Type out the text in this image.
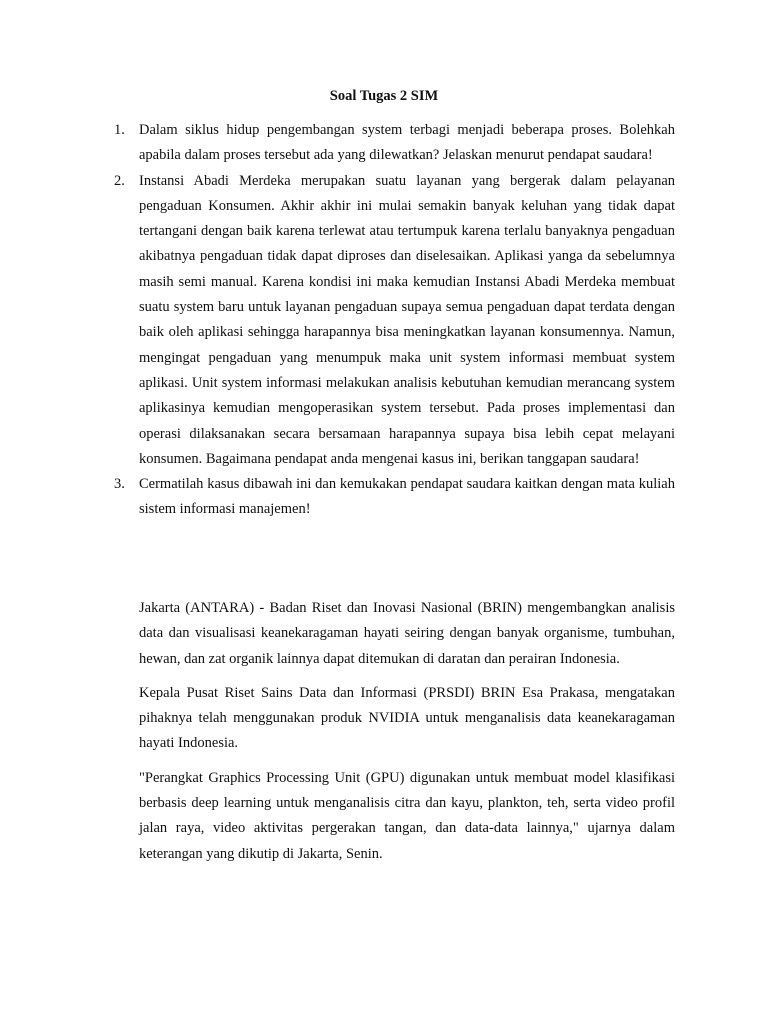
Soal Tugas 2 SIM
1. Dalam siklus hidup pengembangan system terbagi menjadi beberapa proses. Bolehkah apabila dalam proses tersebut ada yang dilewatkan? Jelaskan menurut pendapat saudara!

2. Instansi Abadi Merdeka merupakan suatu layanan yang bergerak dalam pelayanan pengaduan Konsumen. Akhir akhir ini mulai semakin banyak keluhan yang tidak dapat tertangani dengan baik karena terlewat atau tertumpuk karena terlalu banyaknya pengaduan akibatnya pengaduan tidak dapat diproses dan diselesaikan. Aplikasi yanga da sebelumnya masih semi manual. Karena kondisi ini maka kemudian Instansi Abadi Merdeka membuat suatu system baru untuk layanan pengaduan supaya semua pengaduan dapat terdata dengan baik oleh aplikasi sehingga harapannya bisa meningkatkan layanan konsumennya. Namun, mengingat pengaduan yang menumpuk maka unit system informasi membuat system aplikasi. Unit system informasi melakukan analisis kebutuhan kemudian merancang system aplikasinya kemudian mengoperasikan system tersebut. Pada proses implementasi dan operasi dilaksanakan secara bersamaan harapannya supaya bisa lebih cepat melayani konsumen. Bagaimana pendapat anda mengenai kasus ini, berikan tanggapan saudara!

3. Cermatilah kasus dibawah ini dan kemukakan pendapat saudara kaitkan dengan mata kuliah sistem informasi manajemen!

Jakarta (ANTARA) - Badan Riset dan Inovasi Nasional (BRIN) mengembangkan analisis data dan visualisasi keanekaragaman hayati seiring dengan banyak organisme, tumbuhan, hewan, dan zat organik lainnya dapat ditemukan di daratan dan perairan Indonesia.

Kepala Pusat Riset Sains Data dan Informasi (PRSDI) BRIN Esa Prakasa, mengatakan pihaknya telah menggunakan produk NVIDIA untuk menganalisis data keanekaragaman hayati Indonesia.

"Perangkat Graphics Processing Unit (GPU) digunakan untuk membuat model klasifikasi berbasis deep learning untuk menganalisis citra dan kayu, plankton, teh, serta video profil jalan raya, video aktivitas pergerakan tangan, dan data-data lainnya," ujarnya dalam keterangan yang dikutip di Jakarta, Senin.
